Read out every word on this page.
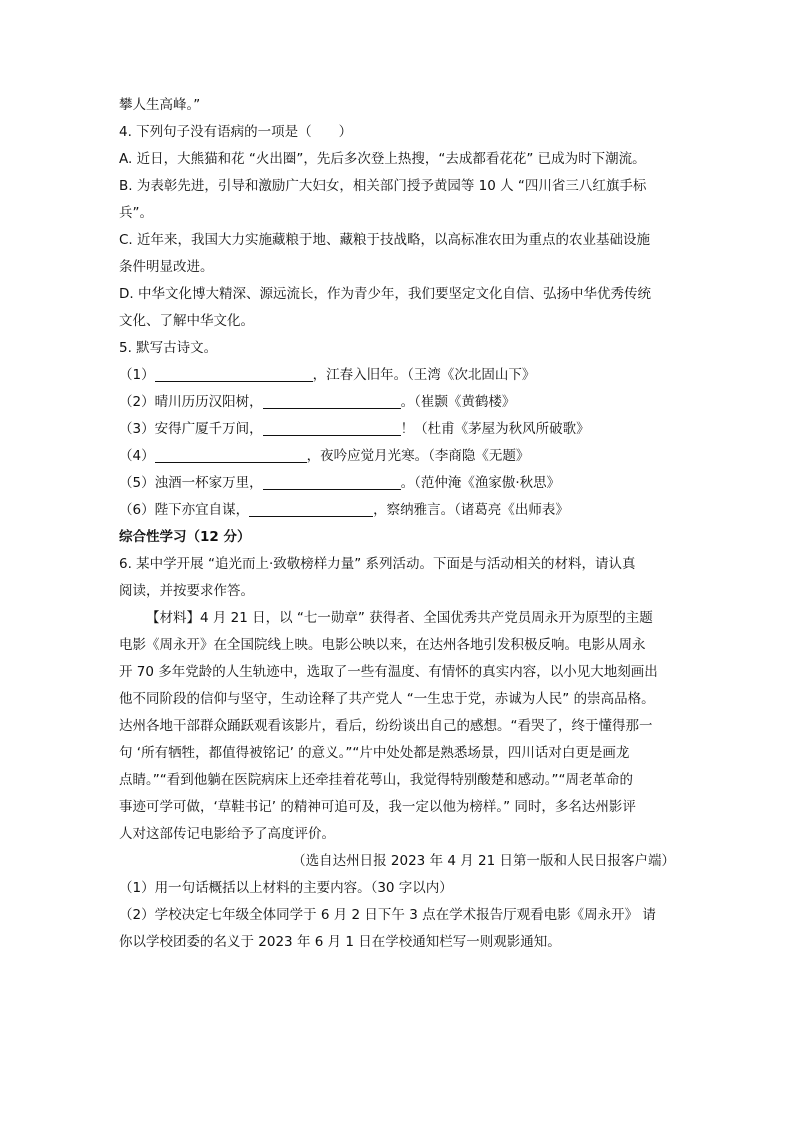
攀人生高峰。”
4. 下列句子没有语病的一项是（　　）
A. 近日，大熊猫和花 “火出圈”，先后多次登上热搜，“去成都看花花” 已成为时下潮流。
B. 为表彰先进，引导和激励广大妇女，相关部门授予黄园等 10 人 “四川省三八红旗手标
兵”。
C. 近年来，我国大力实施藏粮于地、藏粮于技战略，以高标准农田为重点的农业基础设施
条件明显改进。
D. 中华文化博大精深、源远流长，作为青少年，我们要坚定文化自信、弘扬中华优秀传统
文化、了解中华文化。
5. 默写古诗文。
（1）	，江春入旧年。（王湾《次北固山下》
（2）晴川历历汉阳树，	。（崔颢《黄鹤楼》
（3）安得广厦千万间，	！（杜甫《茅屋为秋风所破歌》
（4）	，夜吟应觉月光寒。（李商隐《无题》
（5）浊酒一杯家万里，	。（范仲淹《渔家傲·秋思》
（6）陛下亦宜自谋，	，察纳雅言。（诸葛亮《出师表》
综合性学习（12 分）
6. 某中学开展 “追光而上·致敬榜样力量” 系列活动。下面是与活动相关的材料，请认真
阅读，并按要求作答。
【材料】4 月 21 日，以 “七一勋章” 获得者、全国优秀共产党员周永开为原型的主题
电影《周永开》在全国院线上映。电影公映以来，在达州各地引发积极反响。电影从周永
开 70 多年党龄的人生轨迹中，选取了一些有温度、有情怀的真实内容，以小见大地刻画出
他不同阶段的信仰与坚守，生动诠释了共产党人 “一生忠于党，赤诚为人民” 的崇高品格。
达州各地干部群众踊跃观看该影片，看后，纷纷谈出自己的感想。“看哭了，终于懂得那一
句 ‘所有牺牲，都值得被铭记’ 的意义。”“片中处处都是熟悉场景，四川话对白更是画龙
点睛。”“看到他躺在医院病床上还牵挂着花萼山，我觉得特别酸楚和感动。”“周老革命的
事迹可学可做，‘草鞋书记’ 的精神可追可及，我一定以他为榜样。” 同时，多名达州影评
人对这部传记电影给予了高度评价。
（选自达州日报 2023 年 4 月 21 日第一版和人民日报客户端）
（1）用一句话概括以上材料的主要内容。（30 字以内）
（2）学校决定七年级全体同学于 6 月 2 日下午 3 点在学术报告厅观看电影《周永开》 请
你以学校团委的名义于 2023 年 6 月 1 日在学校通知栏写一则观影通知。
